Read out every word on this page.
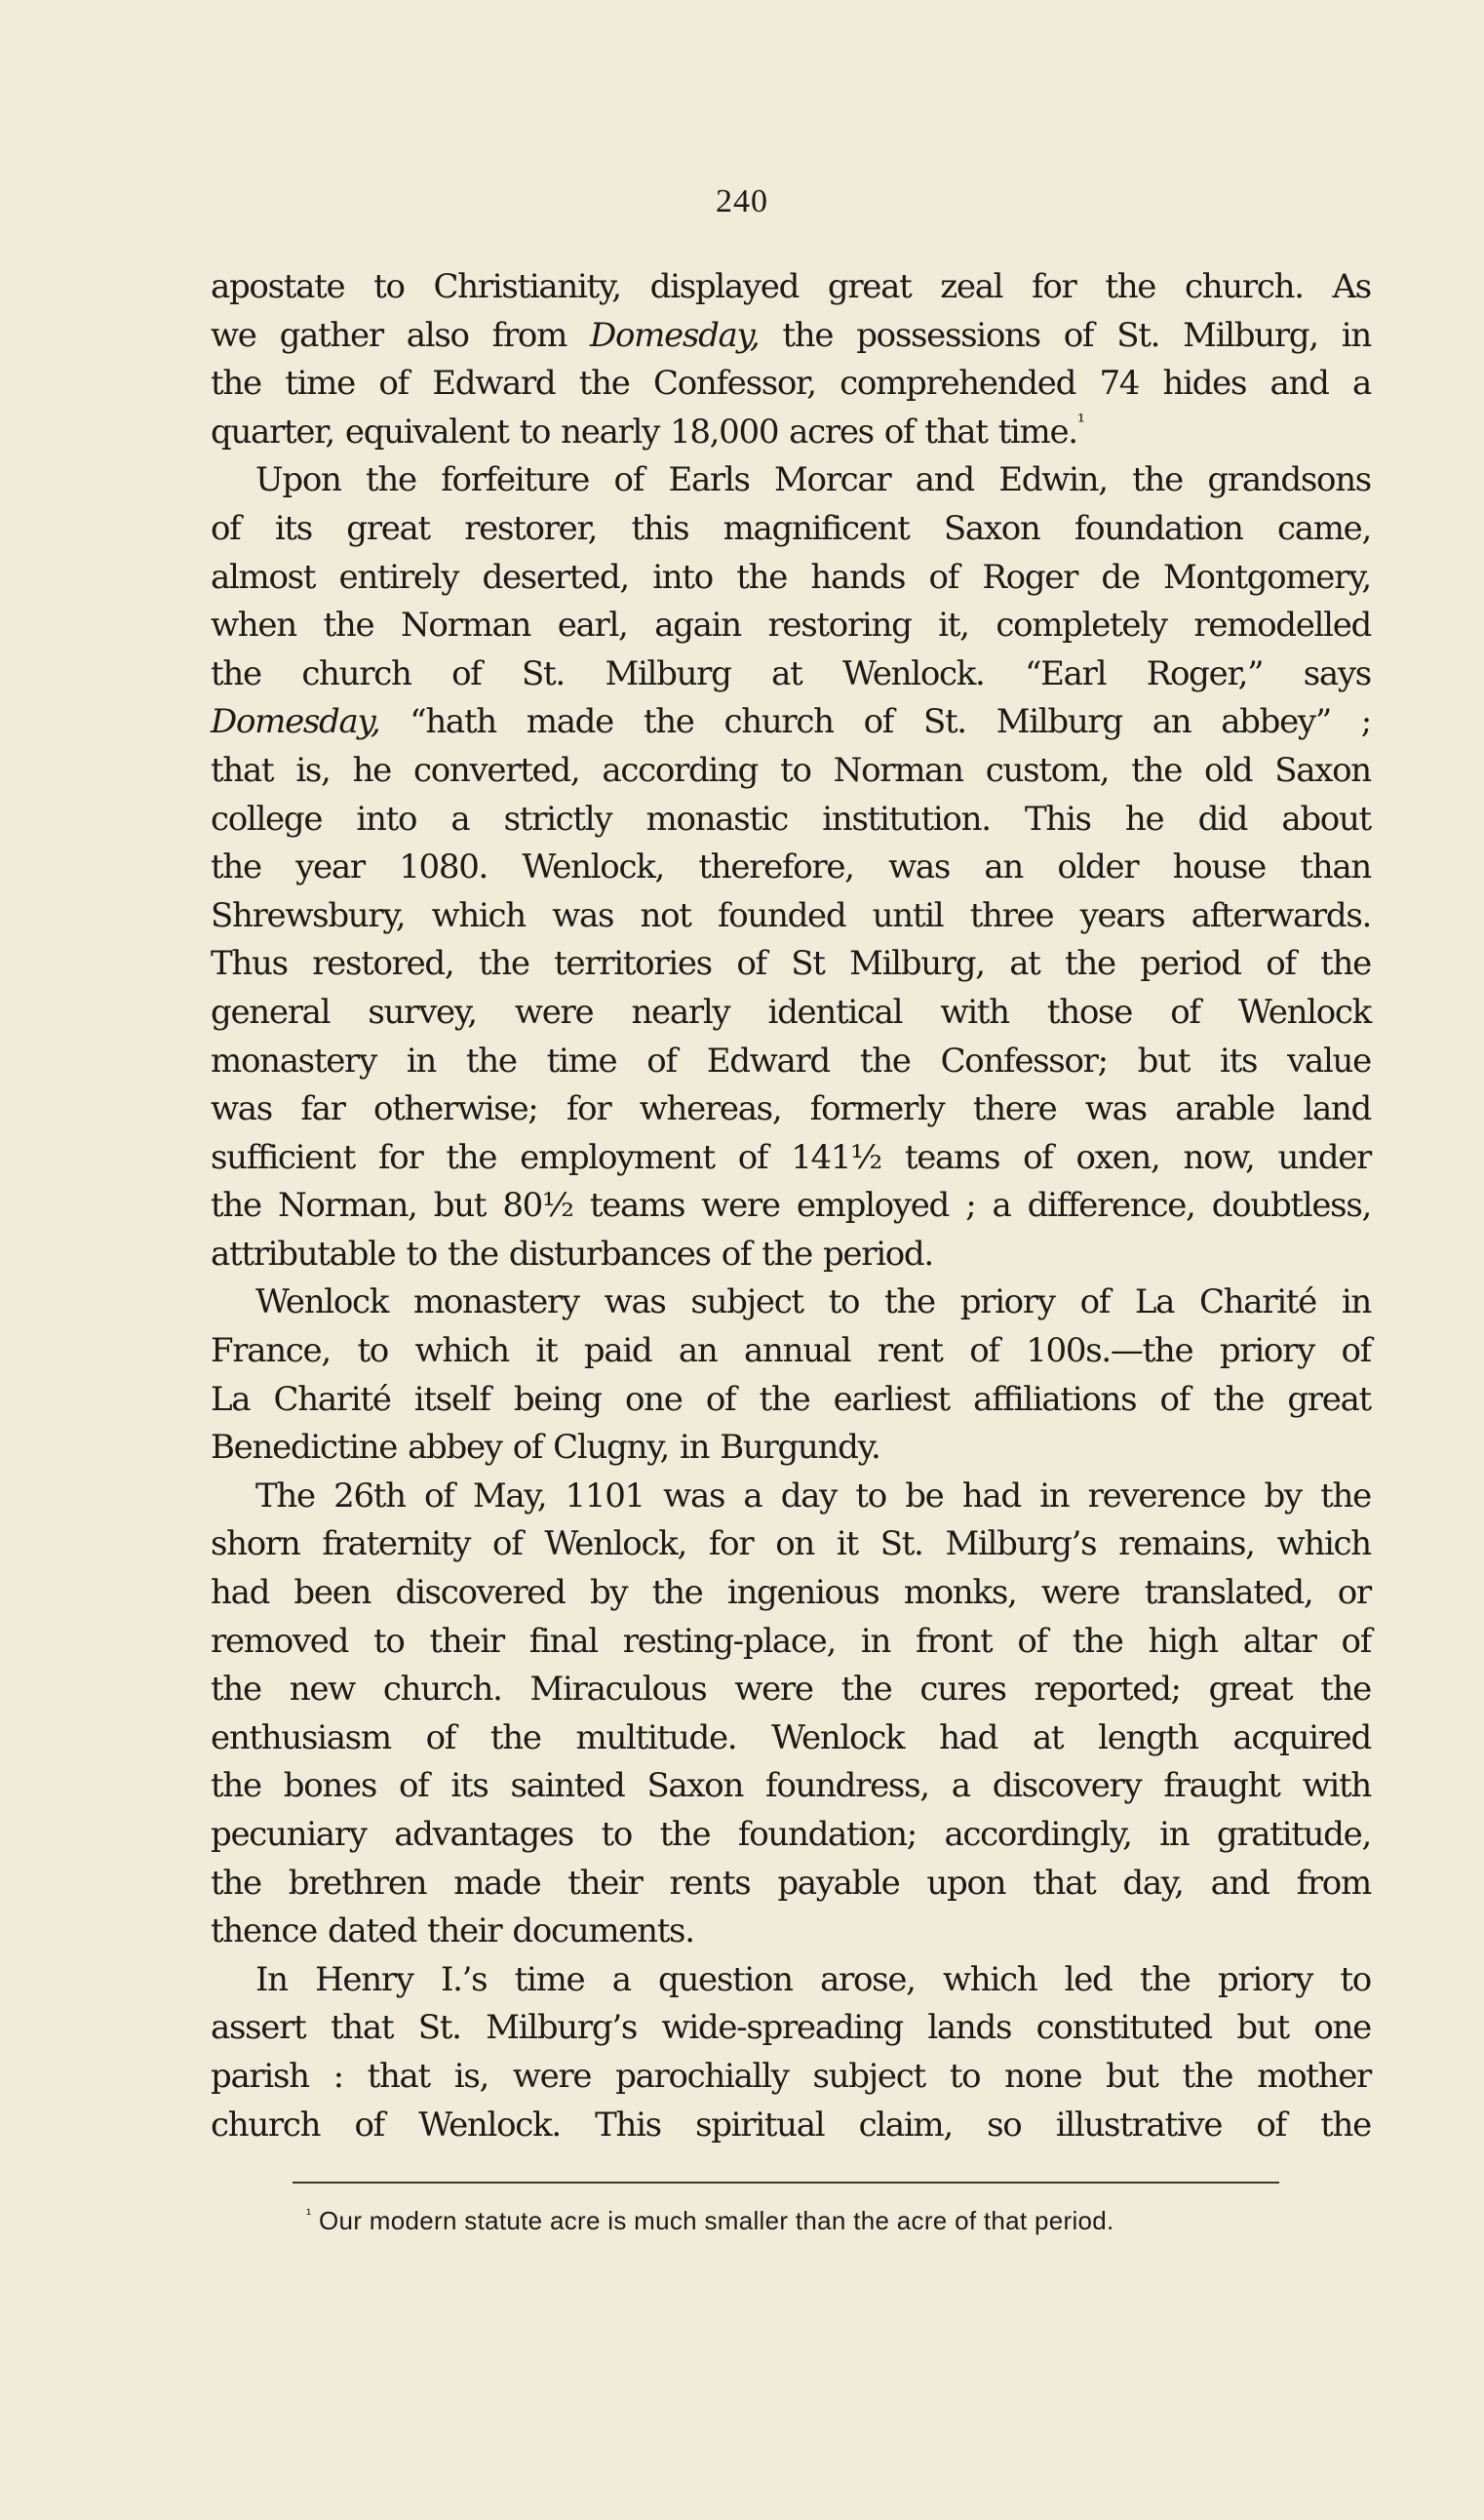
240
apostate to Christianity, displayed great zeal for the church. As
we gather also from Domesday, the possessions of St. Milburg, in
the time of Edward the Confessor, comprehended 74 hides and a
quarter, equivalent to nearly 18,000 acres of that time.$^{^1}$
Upon the forfeiture of Earls Morcar and Edwin, the grandsons
of its great restorer, this magnificent Saxon foundation came,
almost entirely deserted, into the hands of Roger de Montgomery,
when the Norman earl, again restoring it, completely remodelled
the church of St. Milburg at Wenlock. “Earl Roger,” says
Domesday, “hath made the church of St. Milburg an abbey” ;
that is, he converted, according to Norman custom, the old Saxon
college into a strictly monastic institution. This he did about
the year 1080. Wenlock, therefore, was an older house than
Shrewsbury, which was not founded until three years afterwards.
Thus restored, the territories of St Milburg, at the period of the
general survey, were nearly identical with those of Wenlock
monastery in the time of Edward the Confessor; but its value
was far otherwise; for whereas, formerly there was arable land
sufficient for the employment of 141½ teams of oxen, now, under
the Norman, but 80½ teams were employed ; a difference, doubtless,
attributable to the disturbances of the period.
Wenlock monastery was subject to the priory of La Charité in
France, to which it paid an annual rent of 100s.—the priory of
La Charité itself being one of the earliest affiliations of the great
Benedictine abbey of Clugny, in Burgundy.
The 26th of May, 1101 was a day to be had in reverence by the
shorn fraternity of Wenlock, for on it St. Milburg’s remains, which
had been discovered by the ingenious monks, were translated, or
removed to their final resting-place, in front of the high altar of
the new church. Miraculous were the cures reported; great the
enthusiasm of the multitude. Wenlock had at length acquired
the bones of its sainted Saxon foundress, a discovery fraught with
pecuniary advantages to the foundation; accordingly, in gratitude,
the brethren made their rents payable upon that day, and from
thence dated their documents.
In Henry I.’s time a question arose, which led the priory to
assert that St. Milburg’s wide-spreading lands constituted but one
parish : that is, were parochially subject to none but the mother
church of Wenlock. This spiritual claim, so illustrative of the
$^{^1}$ Our modern statute acre is much smaller than the acre of that period.
